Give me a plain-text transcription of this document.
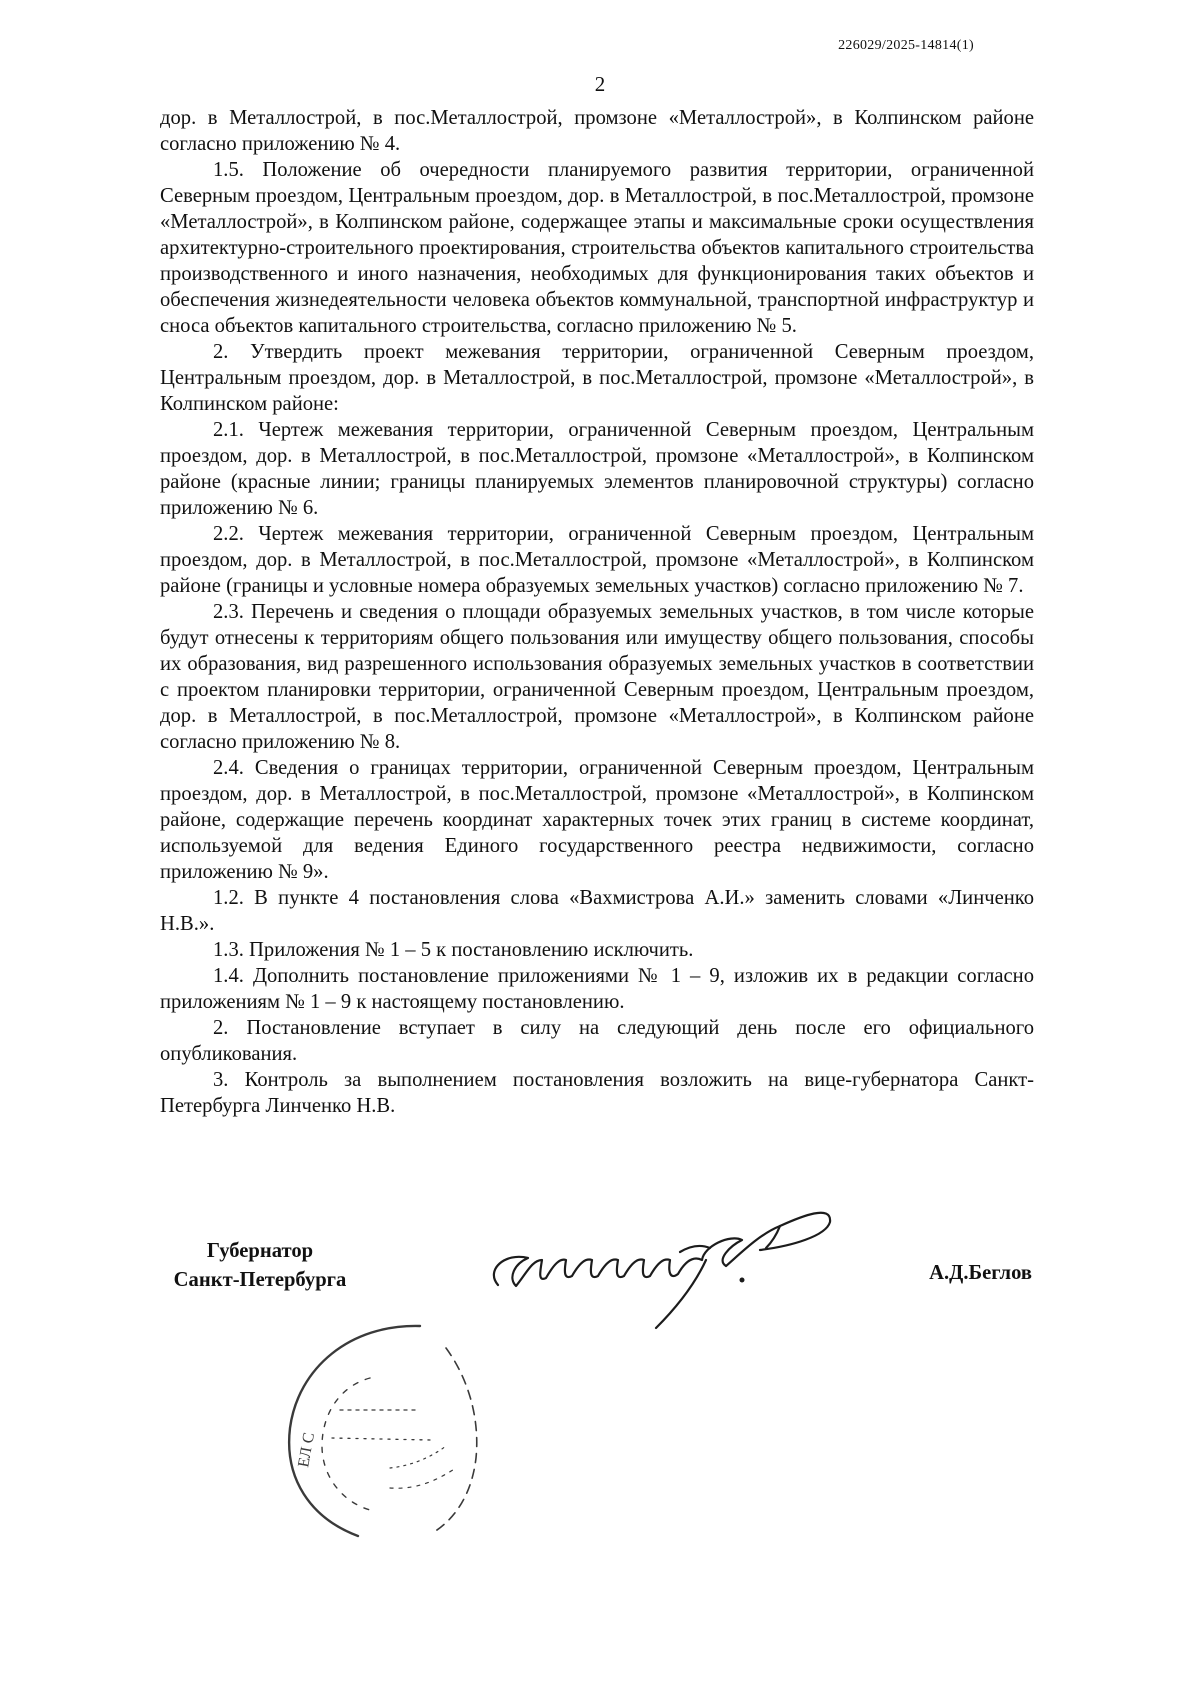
226029/2025-14814(1)
2

дор. в Металлострой, в пос.Металлострой, промзоне «Металлострой», в Колпинском районе согласно приложению № 4.

1.5. Положение об очередности планируемого развития территории, ограниченной Северным проездом, Центральным проездом, дор. в Металлострой, в пос.Металлострой, промзоне «Металлострой», в Колпинском районе, содержащее этапы и максимальные сроки осуществления архитектурно-строительного проектирования, строительства объектов капитального строительства производственного и иного назначения, необходимых для функционирования таких объектов и обеспечения жизнедеятельности человека объектов коммунальной, транспортной инфраструктур и сноса объектов капитального строительства, согласно приложению № 5.

2. Утвердить проект межевания территории, ограниченной Северным проездом, Центральным проездом, дор. в Металлострой, в пос.Металлострой, промзоне «Металлострой», в Колпинском районе:

2.1. Чертеж межевания территории, ограниченной Северным проездом, Центральным проездом, дор. в Металлострой, в пос.Металлострой, промзоне «Металлострой», в Колпинском районе (красные линии; границы планируемых элементов планировочной структуры) согласно приложению № 6.

2.2. Чертеж межевания территории, ограниченной Северным проездом, Центральным проездом, дор. в Металлострой, в пос.Металлострой, промзоне «Металлострой», в Колпинском районе (границы и условные номера образуемых земельных участков) согласно приложению № 7.

2.3. Перечень и сведения о площади образуемых земельных участков, в том числе которые будут отнесены к территориям общего пользования или имуществу общего пользования, способы их образования, вид разрешенного использования образуемых земельных участков в соответствии с проектом планировки территории, ограниченной Северным проездом, Центральным проездом, дор. в Металлострой, в пос.Металлострой, промзоне «Металлострой», в Колпинском районе согласно приложению № 8.

2.4. Сведения о границах территории, ограниченной Северным проездом, Центральным проездом, дор. в Металлострой, в пос.Металлострой, промзоне «Металлострой», в Колпинском районе, содержащие перечень координат характерных точек этих границ в системе координат, используемой для ведения Единого государственного реестра недвижимости, согласно приложению № 9».

1.2. В пункте 4 постановления слова «Вахмистрова А.И.» заменить словами «Линченко Н.В.».

1.3. Приложения № 1 – 5 к постановлению исключить.

1.4. Дополнить постановление приложениями № 1 – 9, изложив их в редакции согласно приложениям № 1 – 9 к настоящему постановлению.

2. Постановление вступает в силу на следующий день после его официального опубликования.

3. Контроль за выполнением постановления возложить на вице-губернатора Санкт-Петербурга Линченко Н.В.

Губернатор
Санкт-Петербурга	А.Д.Беглов
ЕЛ С
